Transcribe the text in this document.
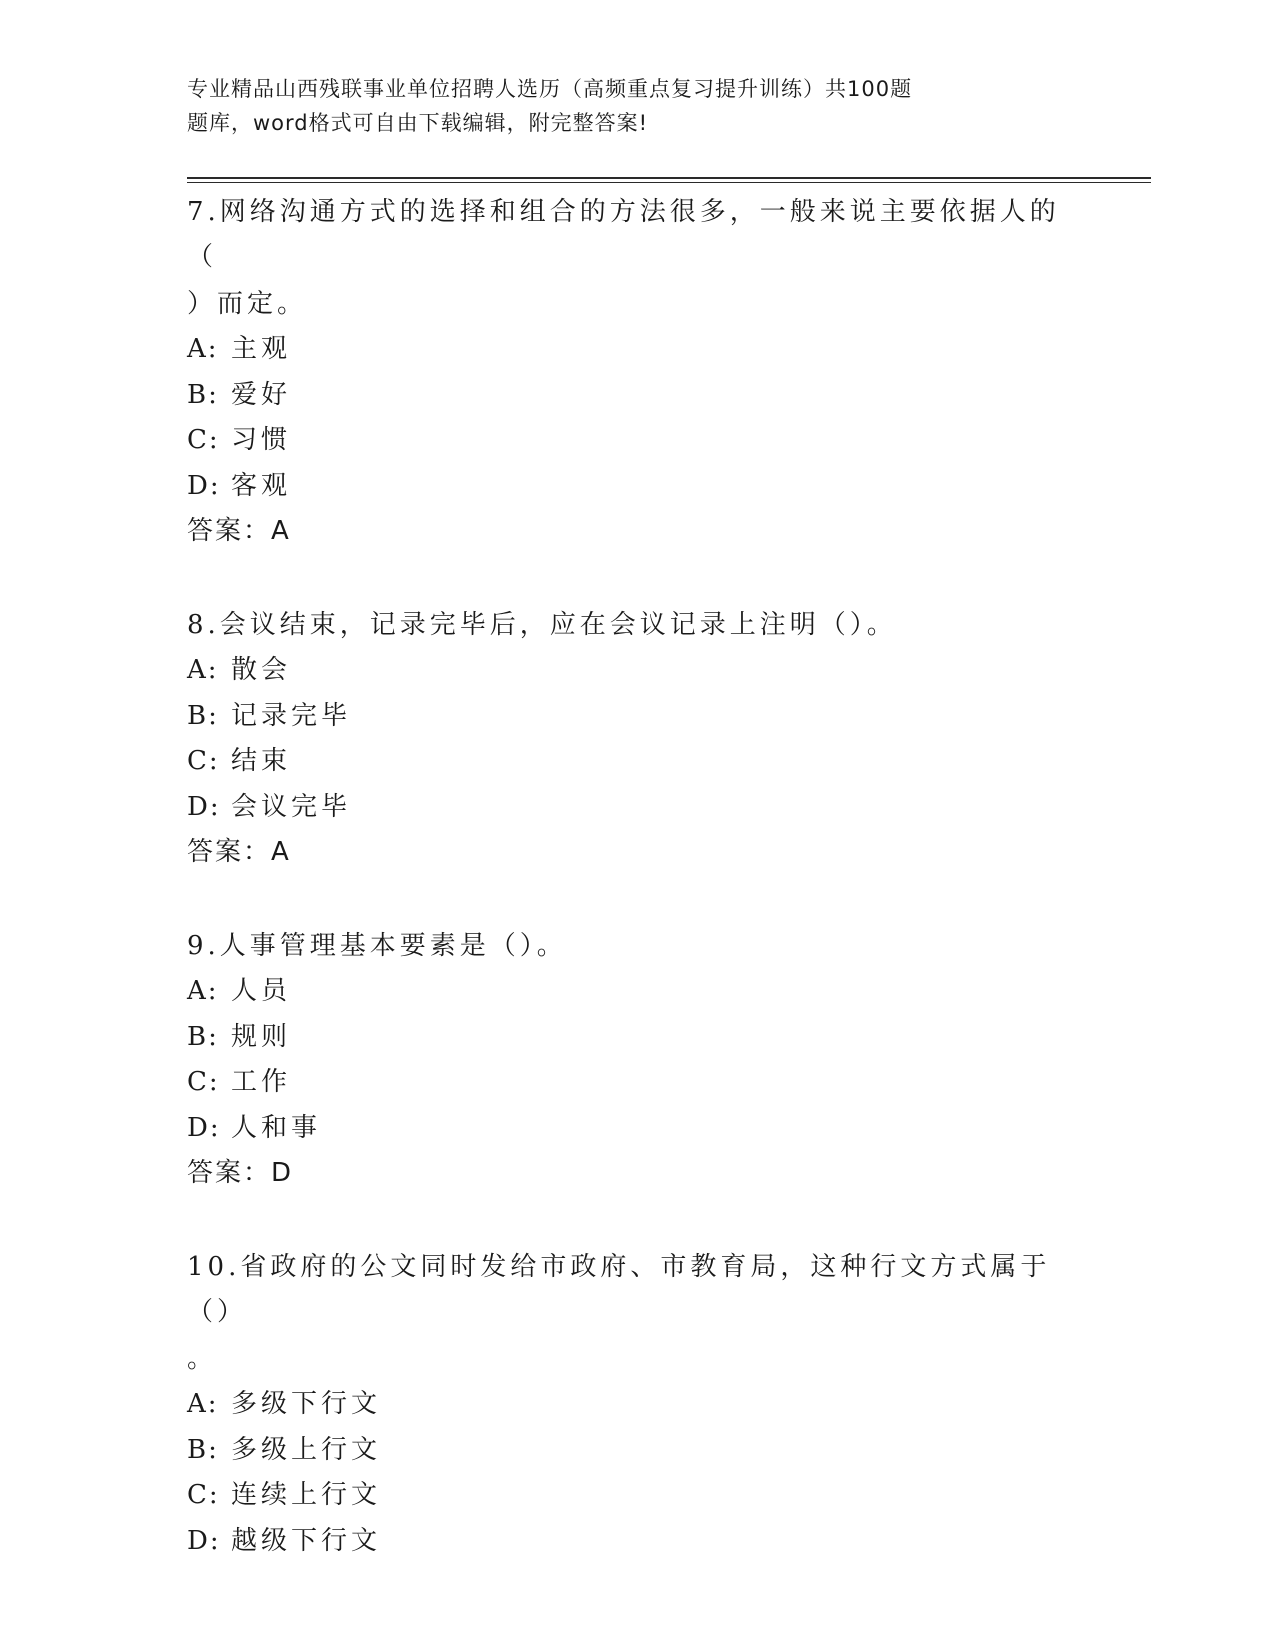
专业精品山西残联事业单位招聘人选历（高频重点复习提升训练）共100题
题库，word格式可自由下载编辑，附完整答案!
7.网络沟通方式的选择和组合的方法很多，一般来说主要依据人的（
）而定。
A: 主观
B: 爱好
C: 习惯
D: 客观
答案：A
8.会议结束，记录完毕后，应在会议记录上注明（）。
A: 散会
B: 记录完毕
C: 结束
D: 会议完毕
答案：A
9.人事管理基本要素是（）。
A: 人员
B: 规则
C: 工作
D: 人和事
答案：D
10.省政府的公文同时发给市政府、市教育局，这种行文方式属于（）
。
A: 多级下行文
B: 多级上行文
C: 连续上行文
D: 越级下行文
